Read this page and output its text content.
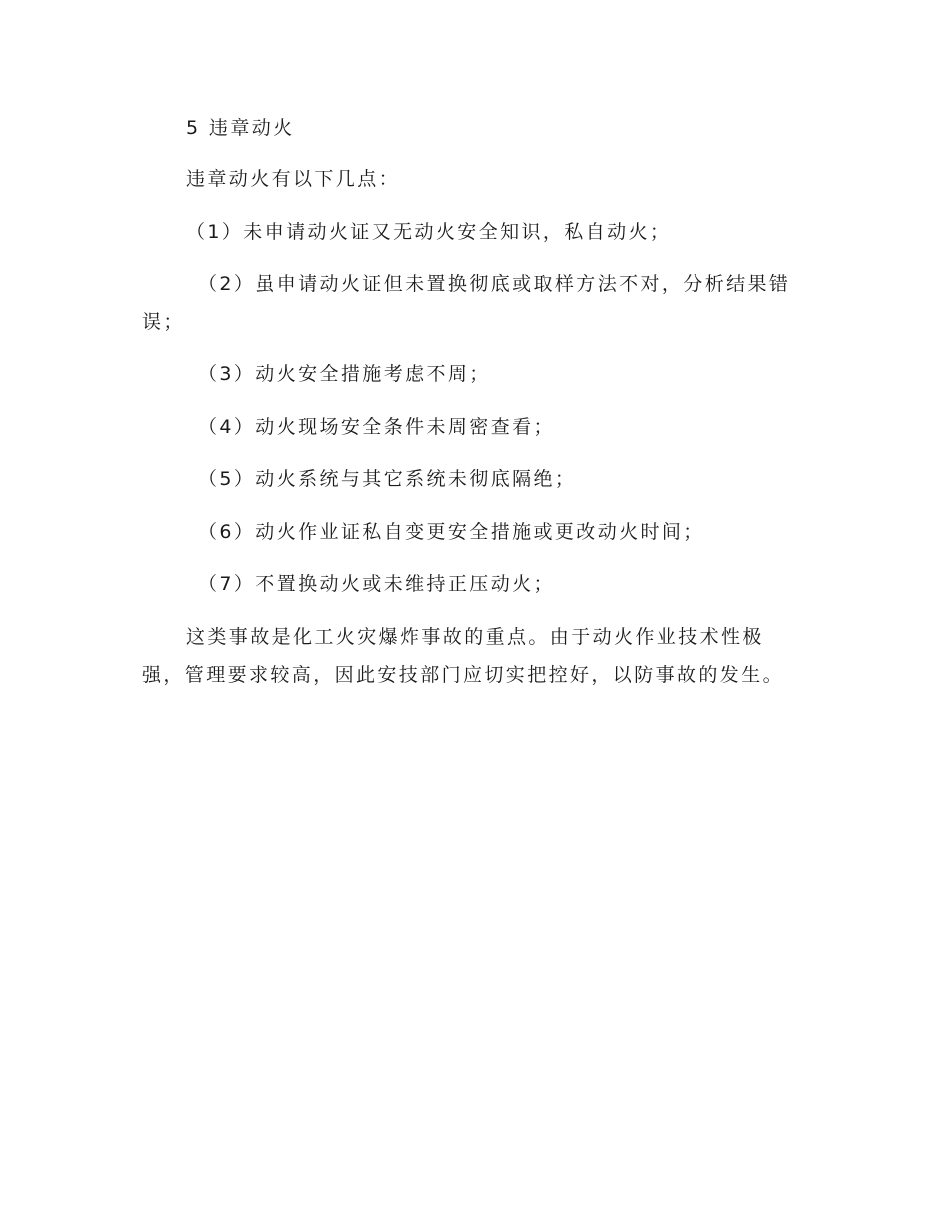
5 违章动火
违章动火有以下几点：
（1）未申请动火证又无动火安全知识，私自动火；
（2）虽申请动火证但未置换彻底或取样方法不对，分析结果错
误；
（3）动火安全措施考虑不周；
（4）动火现场安全条件未周密查看；
（5）动火系统与其它系统未彻底隔绝；
（6）动火作业证私自变更安全措施或更改动火时间；
（7）不置换动火或未维持正压动火；
这类事故是化工火灾爆炸事故的重点。由于动火作业技术性极
强，管理要求较高，因此安技部门应切实把控好，以防事故的发生。
